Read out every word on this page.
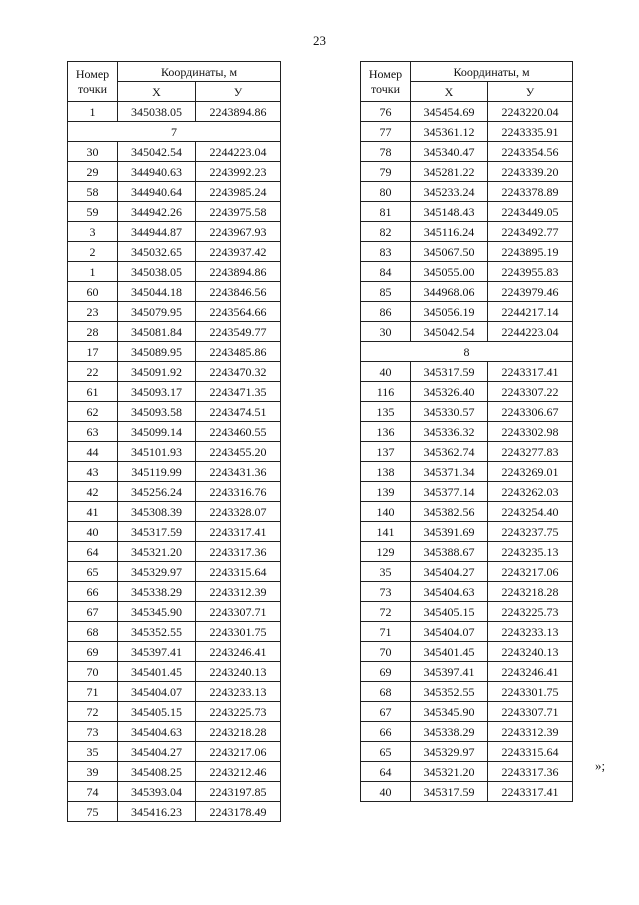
23
Номер
точки	Координаты, м	
	X	У
1	345038.05	2243894.86
7		
30	345042.54	2244223.04
29	344940.63	2243992.23
58	344940.64	2243985.24
59	344942.26	2243975.58
3	344944.87	2243967.93
2	345032.65	2243937.42
1	345038.05	2243894.86
60	345044.18	2243846.56
23	345079.95	2243564.66
28	345081.84	2243549.77
17	345089.95	2243485.86
22	345091.92	2243470.32
61	345093.17	2243471.35
62	345093.58	2243474.51
63	345099.14	2243460.55
44	345101.93	2243455.20
43	345119.99	2243431.36
42	345256.24	2243316.76
41	345308.39	2243328.07
40	345317.59	2243317.41
64	345321.20	2243317.36
65	345329.97	2243315.64
66	345338.29	2243312.39
67	345345.90	2243307.71
68	345352.55	2243301.75
69	345397.41	2243246.41
70	345401.45	2243240.13
71	345404.07	2243233.13
72	345405.15	2243225.73
73	345404.63	2243218.28
35	345404.27	2243217.06
39	345408.25	2243212.46
74	345393.04	2243197.85
75	345416.23	2243178.49
Номер
точки	Координаты, м	
	X	У
76	345454.69	2243220.04
77	345361.12	2243335.91
78	345340.47	2243354.56
79	345281.22	2243339.20
80	345233.24	2243378.89
81	345148.43	2243449.05
82	345116.24	2243492.77
83	345067.50	2243895.19
84	345055.00	2243955.83
85	344968.06	2243979.46
86	345056.19	2244217.14
30	345042.54	2244223.04
8		
40	345317.59	2243317.41
116	345326.40	2243307.22
135	345330.57	2243306.67
136	345336.32	2243302.98
137	345362.74	2243277.83
138	345371.34	2243269.01
139	345377.14	2243262.03
140	345382.56	2243254.40
141	345391.69	2243237.75
129	345388.67	2243235.13
35	345404.27	2243217.06
73	345404.63	2243218.28
72	345405.15	2243225.73
71	345404.07	2243233.13
70	345401.45	2243240.13
69	345397.41	2243246.41
68	345352.55	2243301.75
67	345345.90	2243307.71
66	345338.29	2243312.39
65	345329.97	2243315.64
64	345321.20	2243317.36
40	345317.59	2243317.41
»;
